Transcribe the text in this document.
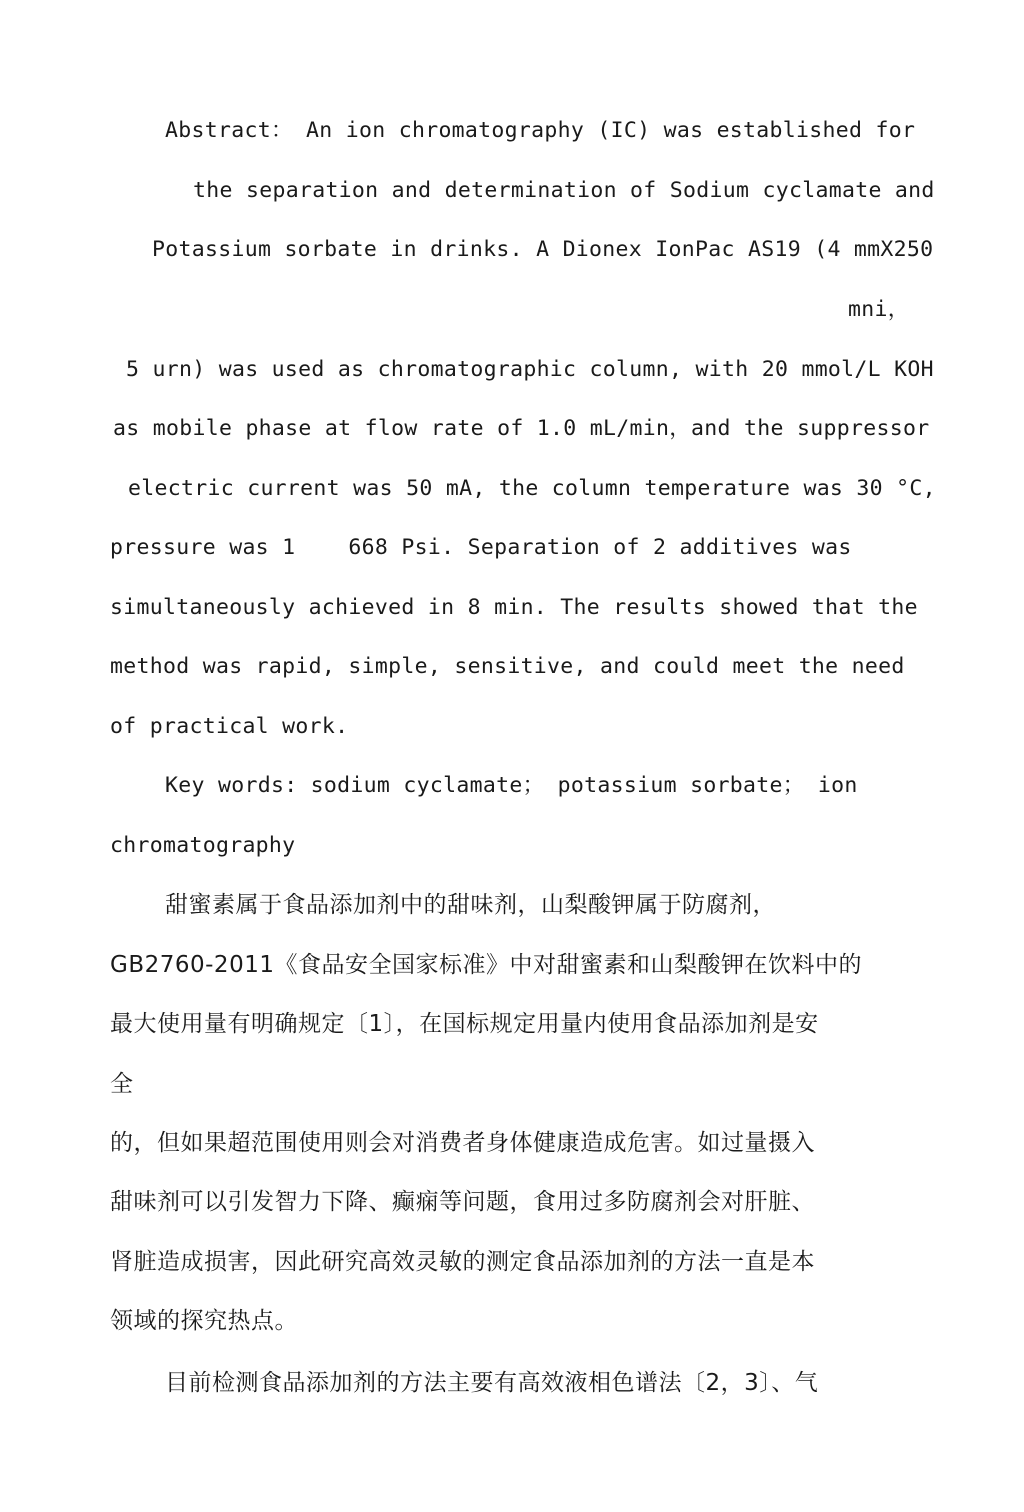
Abstract： An ion chromatography (IC) was established for
the separation and determination of Sodium cyclamate and
Potassium sorbate in drinks. A Dionex IonPac AS19 (4 mmX250
mni，
5 urn) was used as chromatographic column, with 20 mmol/L KOH
as mobile phase at flow rate of 1.0 mL/min，and the suppressor
electric current was 50 mA, the column temperature was 30 °C,
pressure was 1    668 Psi. Separation of 2 additives was
simultaneously achieved in 8 min. The results showed that the
method was rapid, simple, sensitive, and could meet the need
of practical work.
Key words: sodium cyclamate； potassium sorbate； ion
chromatography
甜蜜素属于食品添加剂中的甜味剂，山梨酸钾属于防腐剂，
GB2760-2011《食品安全国家标准》中对甜蜜素和山梨酸钾在饮料中的
最大使用量有明确规定〔1〕，在国标规定用量内使用食品添加剂是安
全
的，但如果超范围使用则会对消费者身体健康造成危害。如过量摄入
甜味剂可以引发智力下降、癫痫等问题，食用过多防腐剂会对肝脏、
肾脏造成损害，因此研究高效灵敏的测定食品添加剂的方法一直是本
领域的探究热点。
目前检测食品添加剂的方法主要有高效液相色谱法〔2，3〕、气
